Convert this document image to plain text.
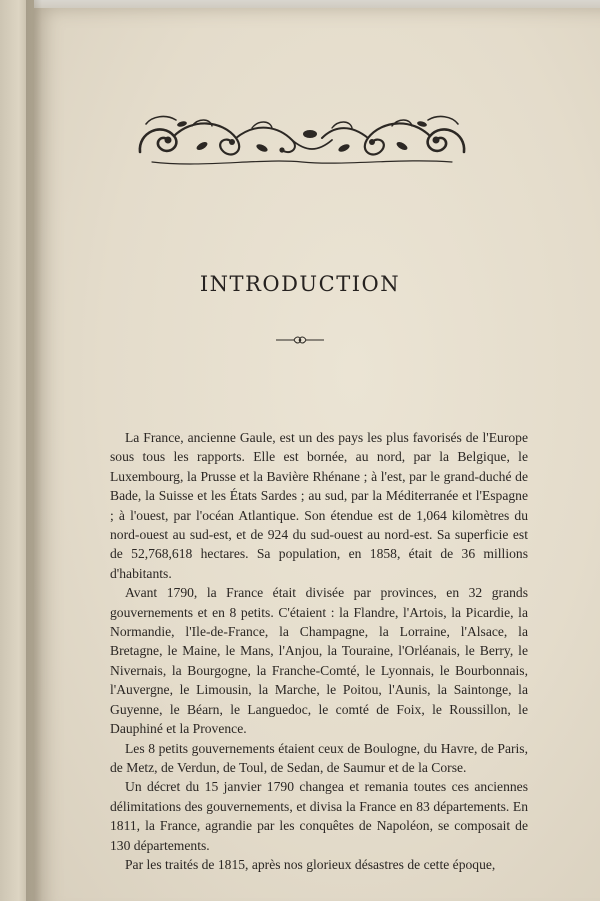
INTRODUCTION

La France, ancienne Gaule, est un des pays les plus favorisés de l'Europe sous tous les rapports. Elle est bornée, au nord, par la Belgique, le Luxembourg, la Prusse et la Bavière Rhénane ; à l'est, par le grand-duché de Bade, la Suisse et les États Sardes ; au sud, par la Méditerranée et l'Espagne ; à l'ouest, par l'océan Atlantique. Son étendue est de 1,064 kilomètres du nord-ouest au sud-est, et de 924 du sud-ouest au nord-est. Sa superficie est de 52,768,618 hectares. Sa population, en 1858, était de 36 millions d'habitants.

Avant 1790, la France était divisée par provinces, en 32 grands gouvernements et en 8 petits. C'étaient : la Flandre, l'Artois, la Picardie, la Normandie, l'Ile-de-France, la Champagne, la Lorraine, l'Alsace, la Bretagne, le Maine, le Mans, l'Anjou, la Touraine, l'Orléanais, le Berry, le Nivernais, la Bourgogne, la Franche-Comté, le Lyonnais, le Bourbonnais, l'Auvergne, le Limousin, la Marche, le Poitou, l'Aunis, la Saintonge, la Guyenne, le Béarn, le Languedoc, le comté de Foix, le Roussillon, le Dauphiné et la Provence.

Les 8 petits gouvernements étaient ceux de Boulogne, du Havre, de Paris, de Metz, de Verdun, de Toul, de Sedan, de Saumur et de la Corse.

Un décret du 15 janvier 1790 changea et remania toutes ces anciennes délimitations des gouvernements, et divisa la France en 83 départements. En 1811, la France, agrandie par les conquêtes de Napoléon, se composait de 130 départements.

Par les traités de 1815, après nos glorieux désastres de cette époque,
